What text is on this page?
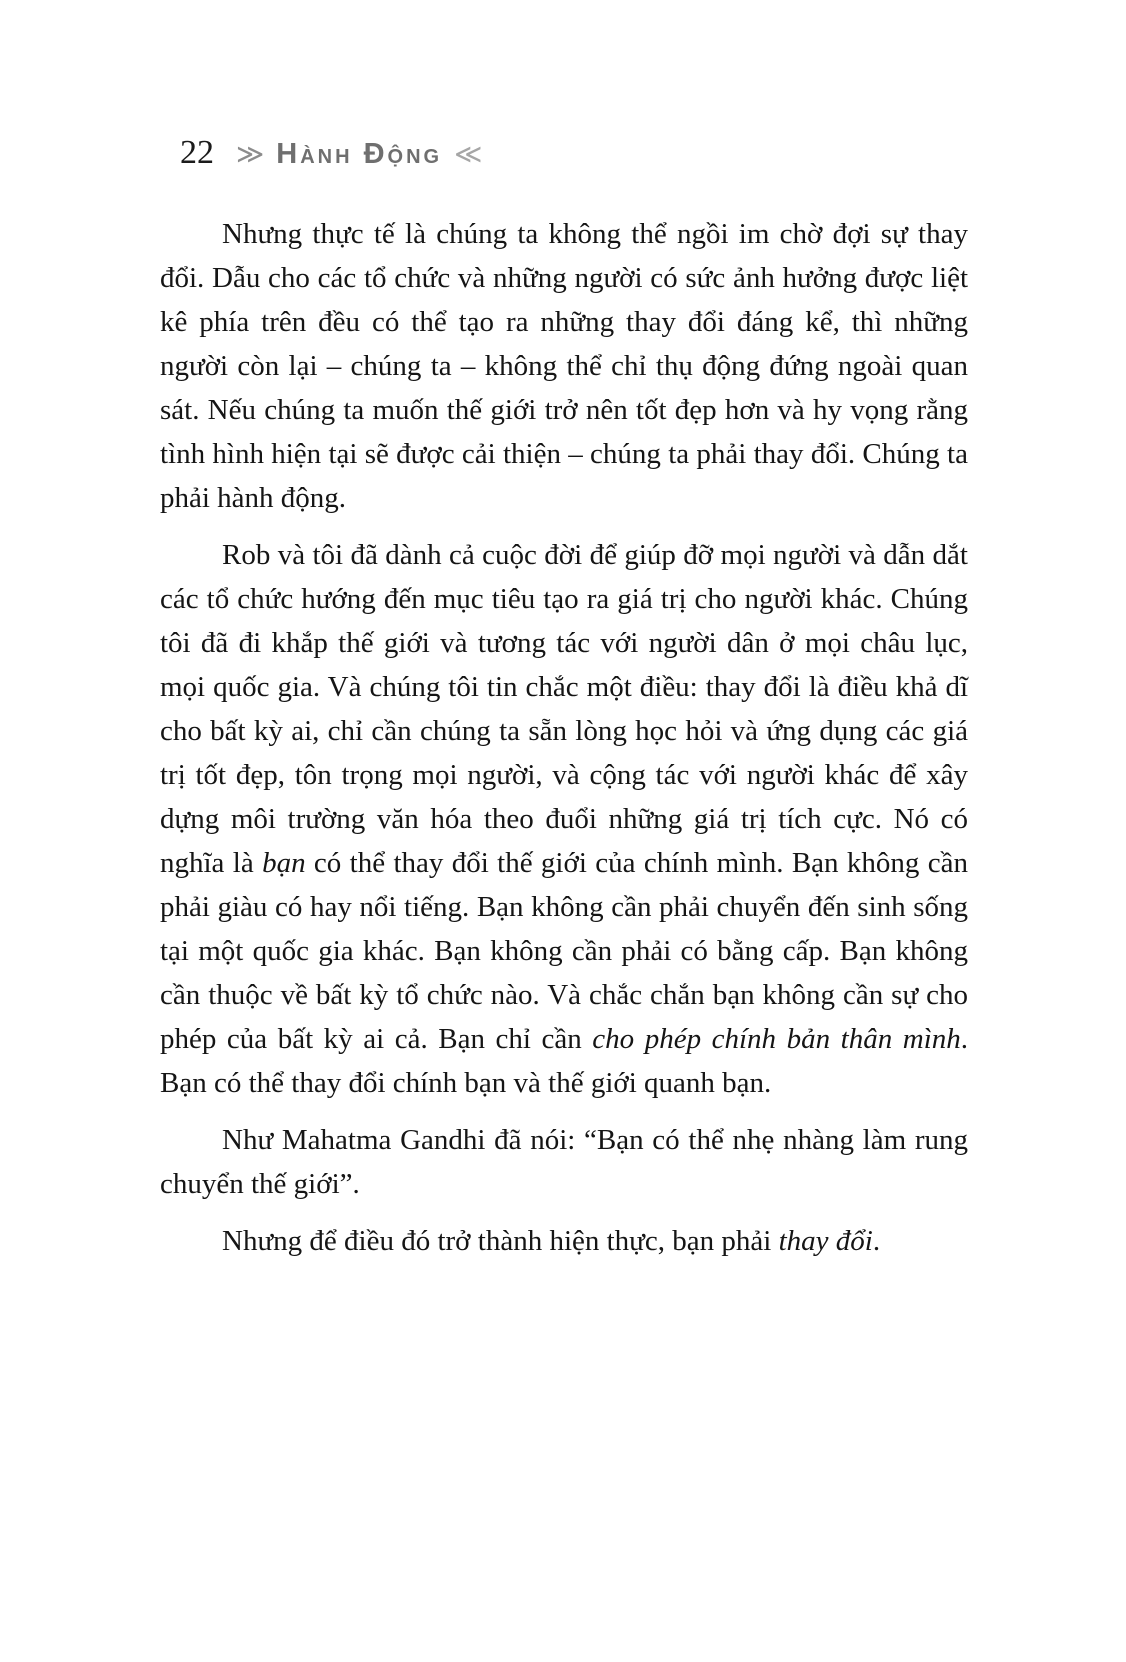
22 ≫ Hành Động ≪

Nhưng thực tế là chúng ta không thể ngồi im chờ đợi sự thay đổi. Dẫu cho các tổ chức và những người có sức ảnh hưởng được liệt kê phía trên đều có thể tạo ra những thay đổi đáng kể, thì những người còn lại – chúng ta – không thể chỉ thụ động đứng ngoài quan sát. Nếu chúng ta muốn thế giới trở nên tốt đẹp hơn và hy vọng rằng tình hình hiện tại sẽ được cải thiện – chúng ta phải thay đổi. Chúng ta phải hành động.

Rob và tôi đã dành cả cuộc đời để giúp đỡ mọi người và dẫn dắt các tổ chức hướng đến mục tiêu tạo ra giá trị cho người khác. Chúng tôi đã đi khắp thế giới và tương tác với người dân ở mọi châu lục, mọi quốc gia. Và chúng tôi tin chắc một điều: thay đổi là điều khả dĩ cho bất kỳ ai, chỉ cần chúng ta sẵn lòng học hỏi và ứng dụng các giá trị tốt đẹp, tôn trọng mọi người, và cộng tác với người khác để xây dựng môi trường văn hóa theo đuổi những giá trị tích cực. Nó có nghĩa là bạn có thể thay đổi thế giới của chính mình. Bạn không cần phải giàu có hay nổi tiếng. Bạn không cần phải chuyển đến sinh sống tại một quốc gia khác. Bạn không cần phải có bằng cấp. Bạn không cần thuộc về bất kỳ tổ chức nào. Và chắc chắn bạn không cần sự cho phép của bất kỳ ai cả. Bạn chỉ cần cho phép chính bản thân mình. Bạn có thể thay đổi chính bạn và thế giới quanh bạn.

Như Mahatma Gandhi đã nói: “Bạn có thể nhẹ nhàng làm rung chuyển thế giới”.

Nhưng để điều đó trở thành hiện thực, bạn phải thay đổi.
